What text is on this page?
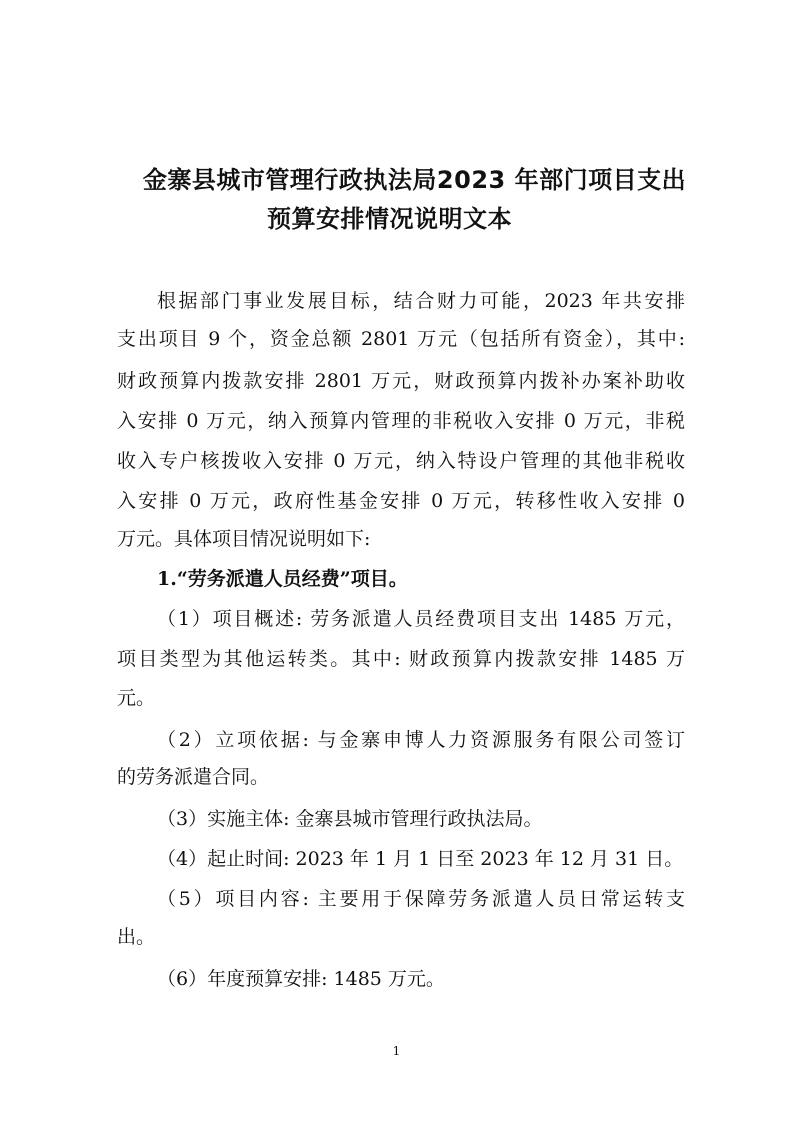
金寨县城市管理行政执法局2023 年部门项目支出
预算安排情况说明文本
根据部门事业发展目标，结合财力可能，2023 年共安排
支出项目 9 个，资金总额 2801 万元（包括所有资金），其中:
财政预算内拨款安排 2801 万元，财政预算内拨补办案补助收
入安排 0 万元，纳入预算内管理的非税收入安排 0 万元，非税
收入专户核拨收入安排 0 万元，纳入特设户管理的其他非税收
入安排 0 万元，政府性基金安排 0 万元，转移性收入安排 0
万元。具体项目情况说明如下:
1.“劳务派遣人员经费”项目。
（1）项目概述: 劳务派遣人员经费项目支出 1485 万元，
项目类型为其他运转类。其中: 财政预算内拨款安排 1485 万
元。
（2）立项依据: 与金寨申博人力资源服务有限公司签订
的劳务派遣合同。
（3）实施主体: 金寨县城市管理行政执法局。
（4）起止时间: 2023 年 1 月 1 日至 2023 年 12 月 31 日。
（5）项目内容: 主要用于保障劳务派遣人员日常运转支
出。
（6）年度预算安排: 1485 万元。
1
